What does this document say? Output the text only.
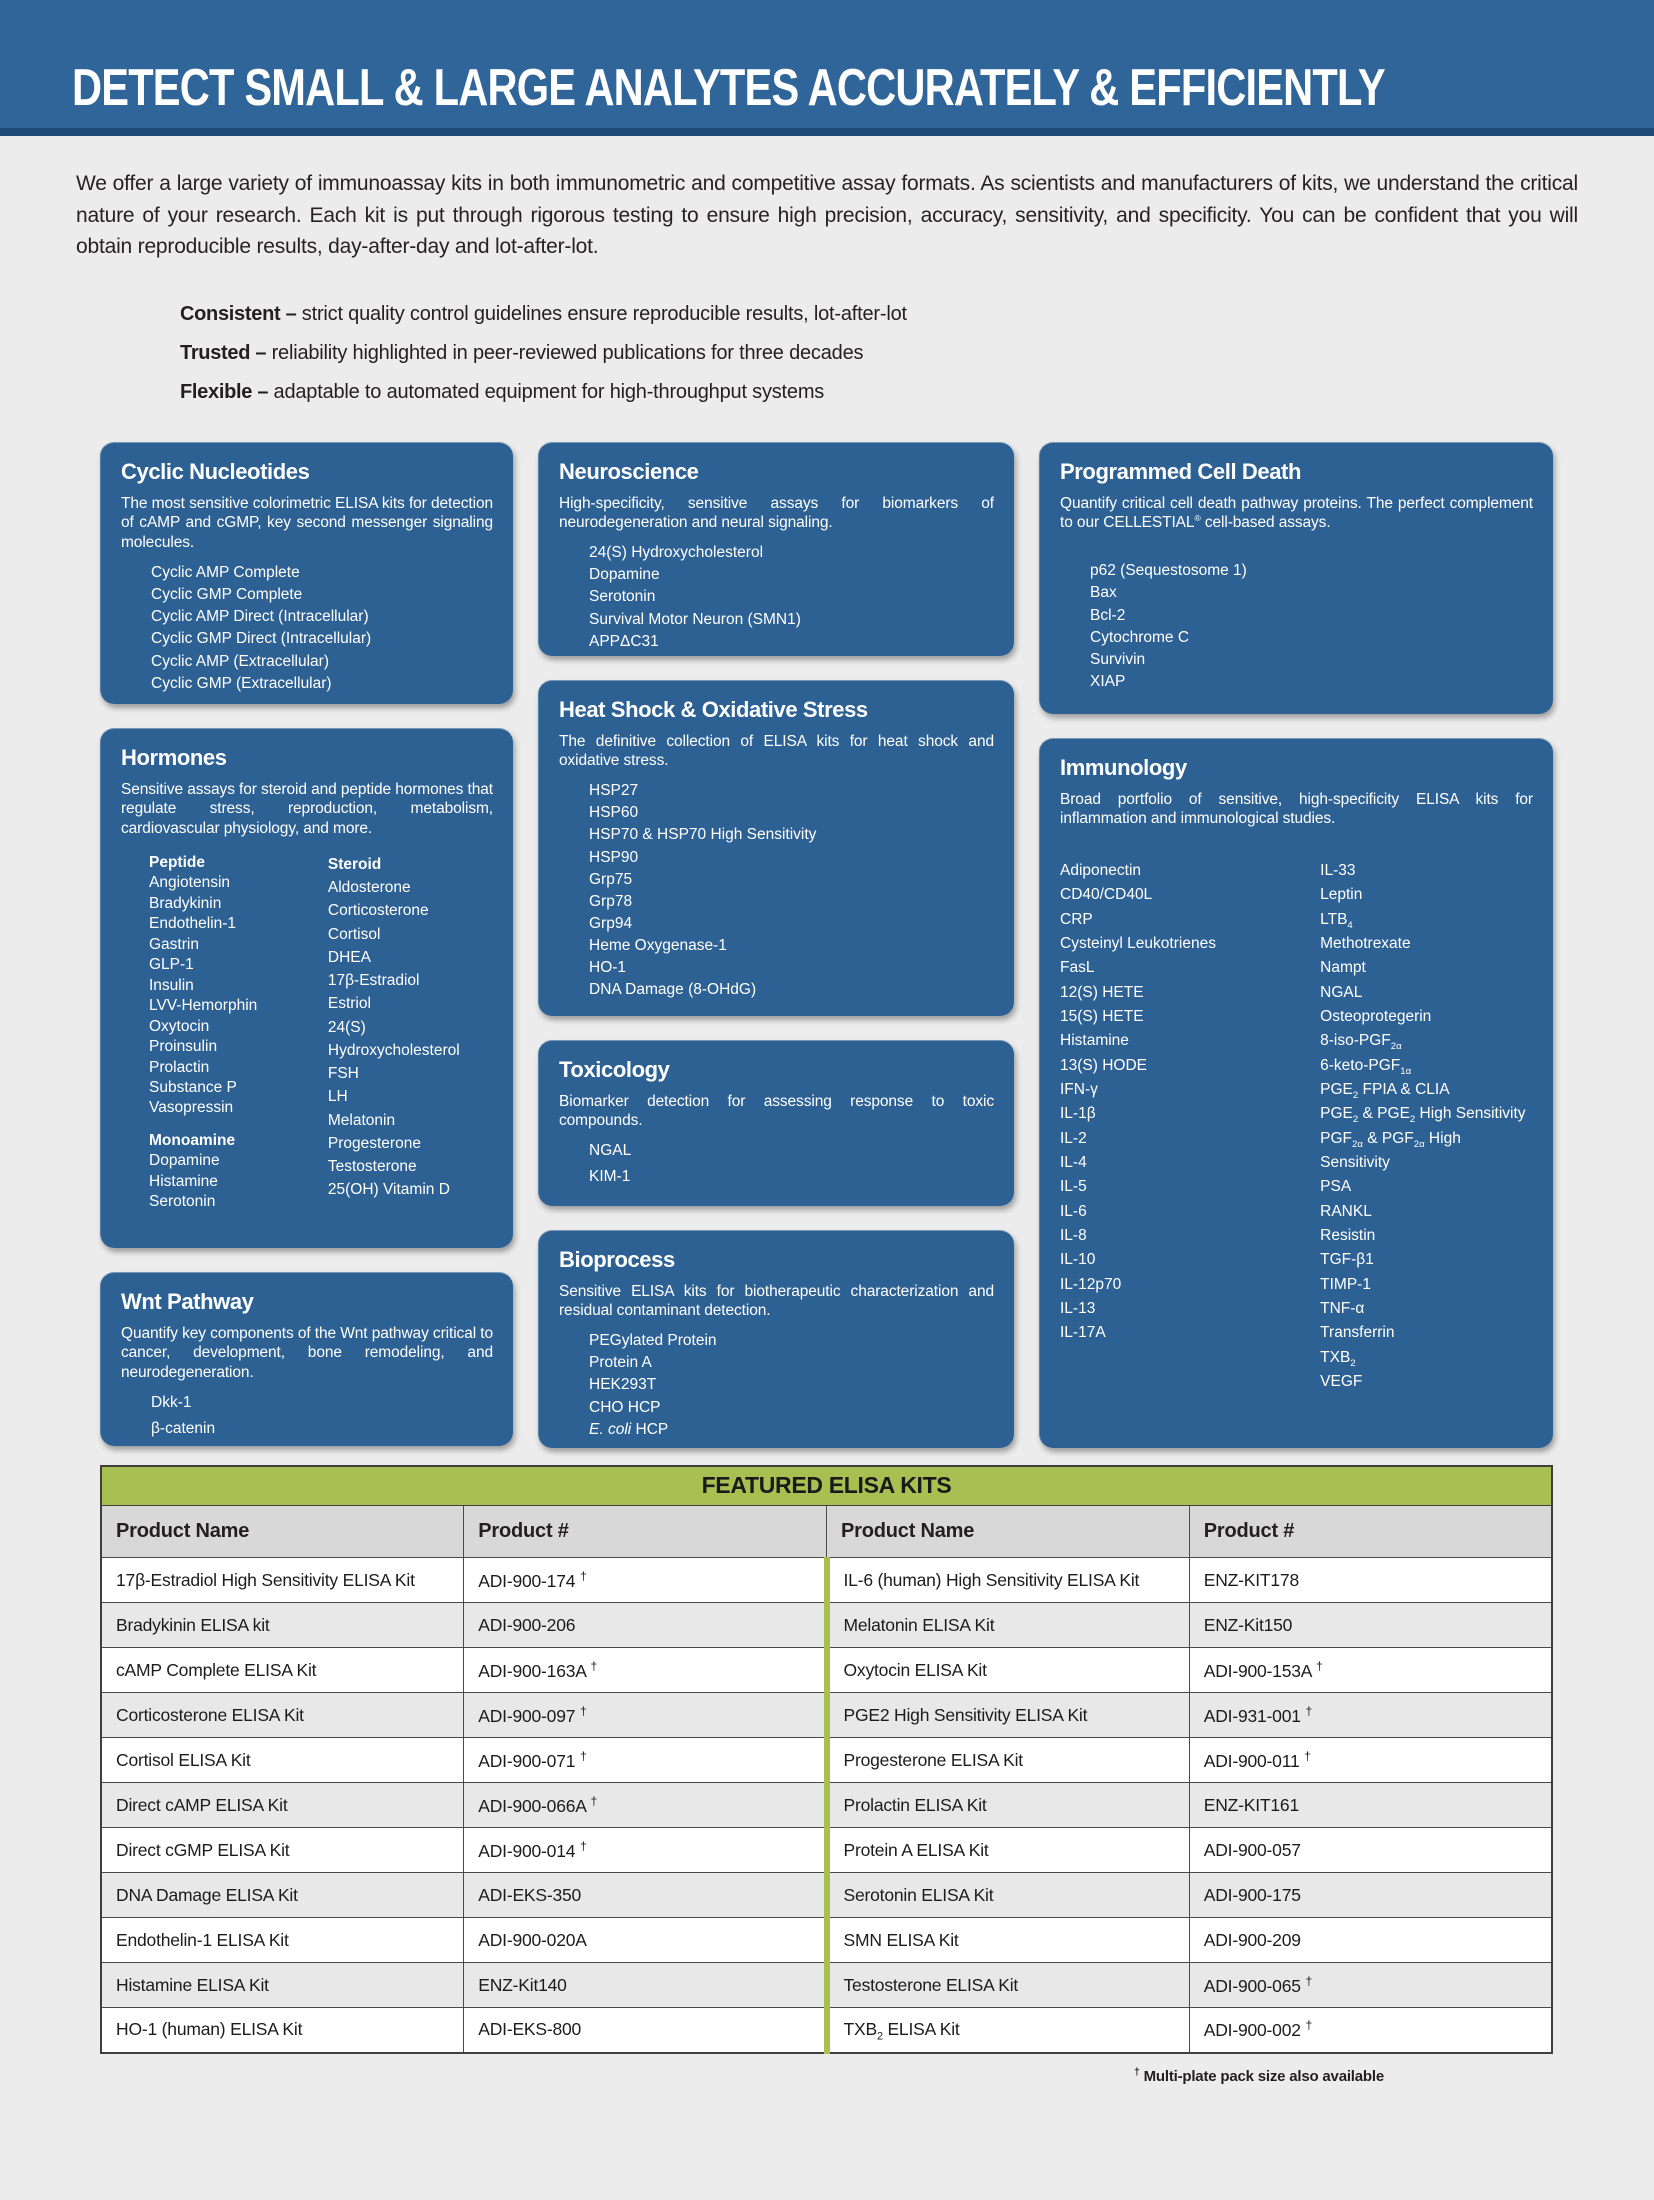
DETECT SMALL & LARGE ANALYTES ACCURATELY & EFFICIENTLY

We offer a large variety of immunoassay kits in both immunometric and competitive assay formats. As scientists and manufacturers of kits, we understand the critical nature of your research. Each kit is put through rigorous testing to ensure high precision, accuracy, sensitivity, and specificity. You can be confident that you will obtain reproducible results, day-after-day and lot-after-lot.

Consistent – strict quality control guidelines ensure reproducible results, lot-after-lot
Trusted – reliability highlighted in peer-reviewed publications for three decades
Flexible – adaptable to automated equipment for high-throughput systems
Cyclic Nucleotides
The most sensitive colorimetric ELISA kits for detection of cAMP and cGMP, key second messenger signaling molecules.
Cyclic AMP Complete
Cyclic GMP Complete
Cyclic AMP Direct (Intracellular)
Cyclic GMP Direct (Intracellular)
Cyclic AMP (Extracellular)
Cyclic GMP (Extracellular)
Hormones
Sensitive assays for steroid and peptide hormones that regulate stress, reproduction, metabolism, cardiovascular physiology, and more.
Peptide
Angiotensin
Bradykinin
Endothelin-1
Gastrin
GLP-1
Insulin
LVV-Hemorphin
Oxytocin
Proinsulin
Prolactin
Substance P
Vasopressin
Monoamine
Dopamine
Histamine
Serotonin
Steroid
Aldosterone
Corticosterone
Cortisol
DHEA
17β-Estradiol
Estriol
24(S) Hydroxycholesterol
FSH
LH
Melatonin
Progesterone
Testosterone
25(OH) Vitamin D
Wnt Pathway
Quantify key components of the Wnt pathway critical to cancer, development, bone remodeling, and neurodegeneration.
Dkk-1
β-catenin
Neuroscience
High-specificity, sensitive assays for biomarkers of neurodegeneration and neural signaling.
24(S) Hydroxycholesterol
Dopamine
Serotonin
Survival Motor Neuron (SMN1)
APPΔC31
Heat Shock & Oxidative Stress
The definitive collection of ELISA kits for heat shock and oxidative stress.
HSP27
HSP60
HSP70 & HSP70 High Sensitivity
HSP90
Grp75
Grp78
Grp94
Heme Oxygenase-1
HO-1
DNA Damage (8-OHdG)
Toxicology
Biomarker detection for assessing response to toxic compounds.
NGAL
KIM-1
Bioprocess
Sensitive ELISA kits for biotherapeutic characterization and residual contaminant detection.
PEGylated Protein
Protein A
HEK293T
CHO HCP
E. coli HCP
Programmed Cell Death
Quantify critical cell death pathway proteins. The perfect complement to our CELLESTIAL® cell-based assays.
p62 (Sequestosome 1)
Bax
Bcl-2
Cytochrome C
Survivin
XIAP
Immunology
Broad portfolio of sensitive, high-specificity ELISA kits for inflammation and immunological studies.
Adiponectin
CD40/CD40L
CRP
Cysteinyl Leukotrienes
FasL
12(S) HETE
15(S) HETE
Histamine
13(S) HODE
IFN-γ
IL-1β
IL-2
IL-4
IL-5
IL-6
IL-8
IL-10
IL-12p70
IL-13
IL-17A
IL-33
Leptin
$LTB_4$
Methotrexate
Nampt
NGAL
Osteoprotegerin
$8-iso-PGF_{2\alpha}$
$6-keto-PGF_{1\alpha}$
$PGE_2$ FPIA & CLIA
$PGE_2$ & $PGE_2$ High Sensitivity
$PGF_{2\alpha}$ & $PGF_{2\alpha}$ High Sensitivity
PSA
RANKL
Resistin
TGF-β1
TIMP-1
TNF-α
Transferrin
$TXB_2$
VEGF
FEATURED ELISA KITS			
Product Name	Product #	Product Name	Product #
17β-Estradiol High Sensitivity ELISA Kit	ADI-900-174 †	IL-6 (human) High Sensitivity ELISA Kit	ENZ-KIT178
Bradykinin ELISA kit	ADI-900-206	Melatonin ELISA Kit	ENZ-Kit150
cAMP Complete ELISA Kit	ADI-900-163A †	Oxytocin ELISA Kit	ADI-900-153A †
Corticosterone ELISA Kit	ADI-900-097 †	PGE2 High Sensitivity ELISA Kit	ADI-931-001 †
Cortisol ELISA Kit	ADI-900-071 †	Progesterone ELISA Kit	ADI-900-011 †
Direct cAMP ELISA Kit	ADI-900-066A †	Prolactin ELISA Kit	ENZ-KIT161
Direct cGMP ELISA Kit	ADI-900-014 †	Protein A ELISA Kit	ADI-900-057
DNA Damage ELISA Kit	ADI-EKS-350	Serotonin ELISA Kit	ADI-900-175
Endothelin-1 ELISA Kit	ADI-900-020A	SMN ELISA Kit	ADI-900-209
Histamine ELISA Kit	ENZ-Kit140	Testosterone ELISA Kit	ADI-900-065 †
HO-1 (human) ELISA Kit	ADI-EKS-800	$TXB_2$ ELISA Kit	ADI-900-002 †
† Multi-plate pack size also available
